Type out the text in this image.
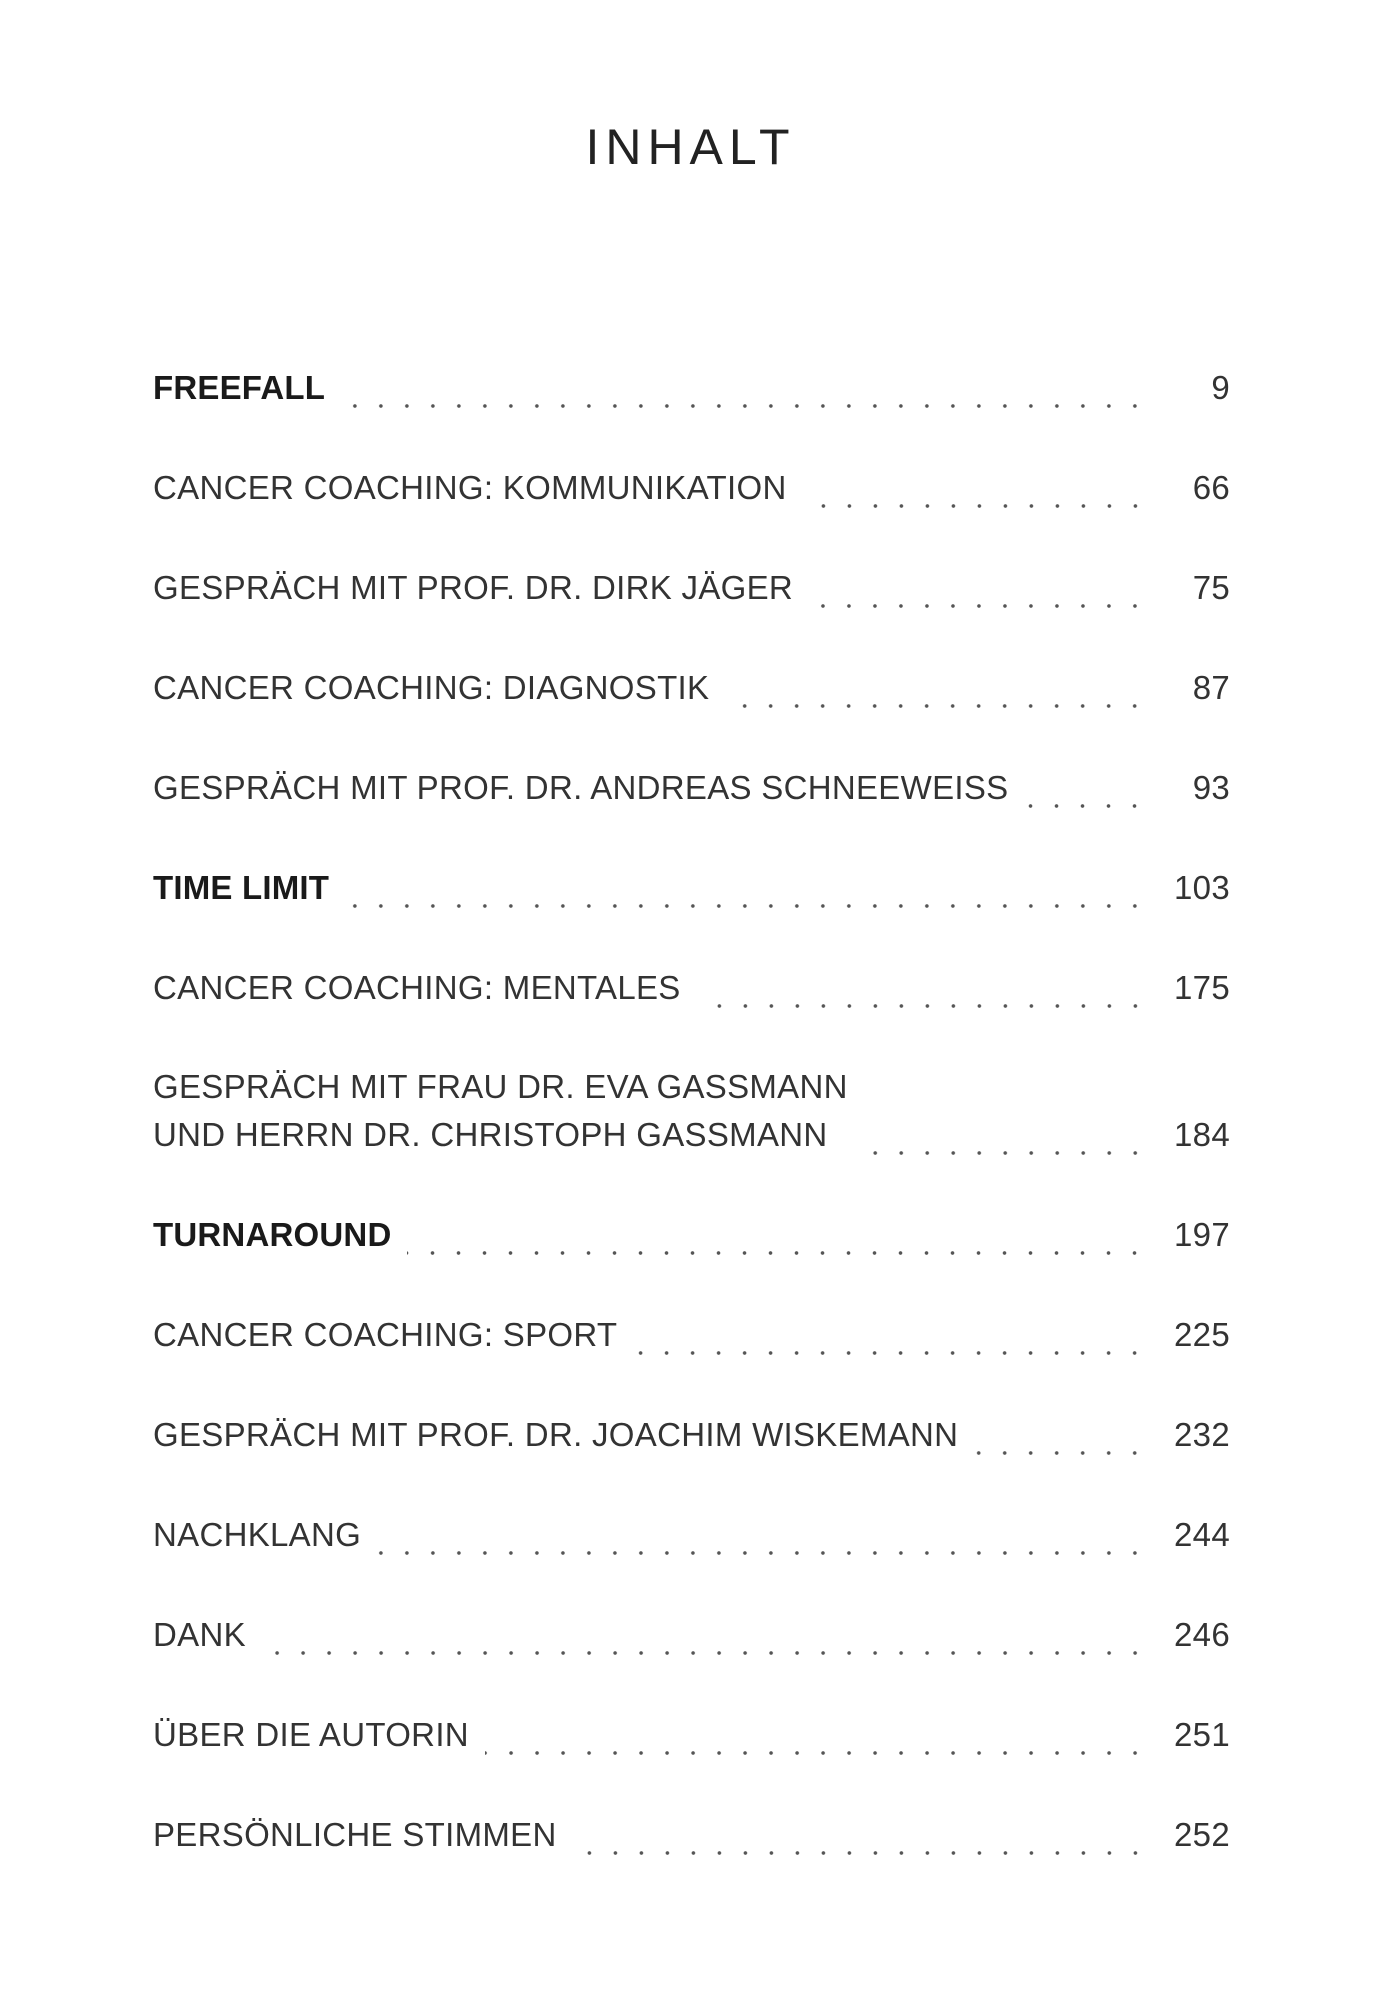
INHALT
FREEFALL	9
CANCER COACHING: KOMMUNIKATION	66
GESPRÄCH MIT PROF. DR. DIRK JÄGER	75
CANCER COACHING: DIAGNOSTIK	87
GESPRÄCH MIT PROF. DR. ANDREAS SCHNEEWEISS	93
TIME LIMIT	103
CANCER COACHING: MENTALES	175
GESPRÄCH MIT FRAU DR. EVA GASSMANN
UND HERRN DR. CHRISTOPH GASSMANN	184
TURNAROUND	197
CANCER COACHING: SPORT	225
GESPRÄCH MIT PROF. DR. JOACHIM WISKEMANN	232
NACHKLANG	244
DANK	246
ÜBER DIE AUTORIN	251
PERSÖNLICHE STIMMEN	252
